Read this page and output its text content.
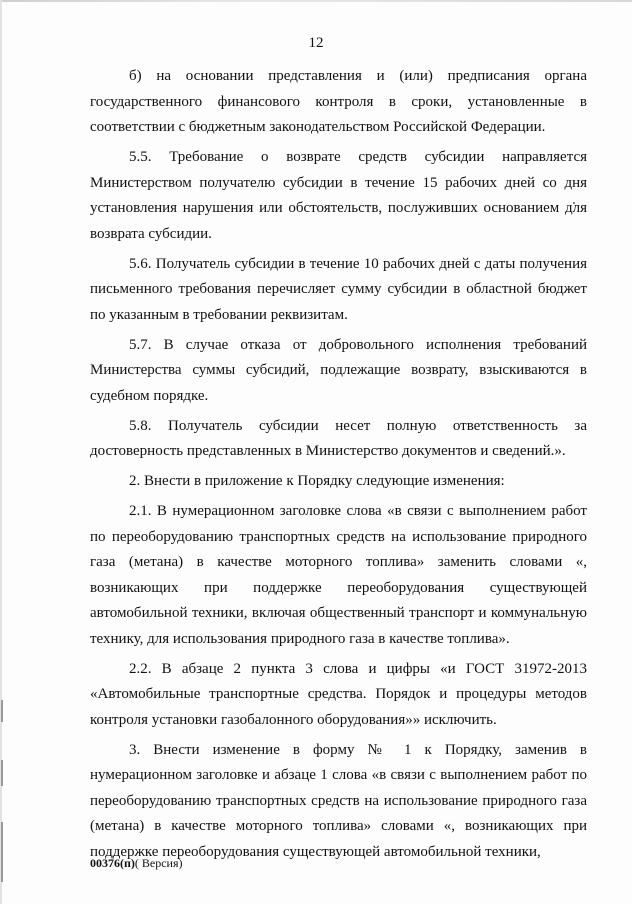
12

б) на основании представления и (или) предписания органа государственного финансового контроля в сроки, установленные в соответствии с бюджетным законодательством Российской Федерации.

5.5. Требование о возврате средств субсидии направляется Министерством получателю субсидии в течение 15 рабочих дней со дня установления нарушения или обстоятельств, послуживших основанием для возврата субсидии.

5.6. Получатель субсидии в течение 10 рабочих дней с даты получения письменного требования перечисляет сумму субсидии в областной бюджет по указанным в требовании реквизитам.

5.7. В случае отказа от добровольного исполнения требований Министерства суммы субсидий, подлежащие возврату, взыскиваются в судебном порядке.

5.8. Получатель субсидии несет полную ответственность за достоверность представленных в Министерство документов и сведений.».

2. Внести в приложение к Порядку следующие изменения:

2.1. В нумерационном заголовке слова «в связи с выполнением работ по переоборудованию транспортных средств на использование природного газа (метана) в качестве моторного топлива» заменить словами «, возникающих при поддержке переоборудования существующей автомобильной техники, включая общественный транспорт и коммунальную технику, для использования природного газа в качестве топлива».

2.2. В абзаце 2 пункта 3 слова и цифры «и ГОСТ 31972-2013 «Автомобильные транспортные средства. Порядок и процедуры методов контроля установки газобалонного оборудования»» исключить.

3. Внести изменение в форму № 1 к Порядку, заменив в нумерационном заголовке и абзаце 1 слова «в связи с выполнением работ по переоборудованию транспортных средств на использование природного газа (метана) в качестве моторного топлива» словами «, возникающих при поддержке переоборудования существующей автомобильной техники,

00376(п)( Версия)
